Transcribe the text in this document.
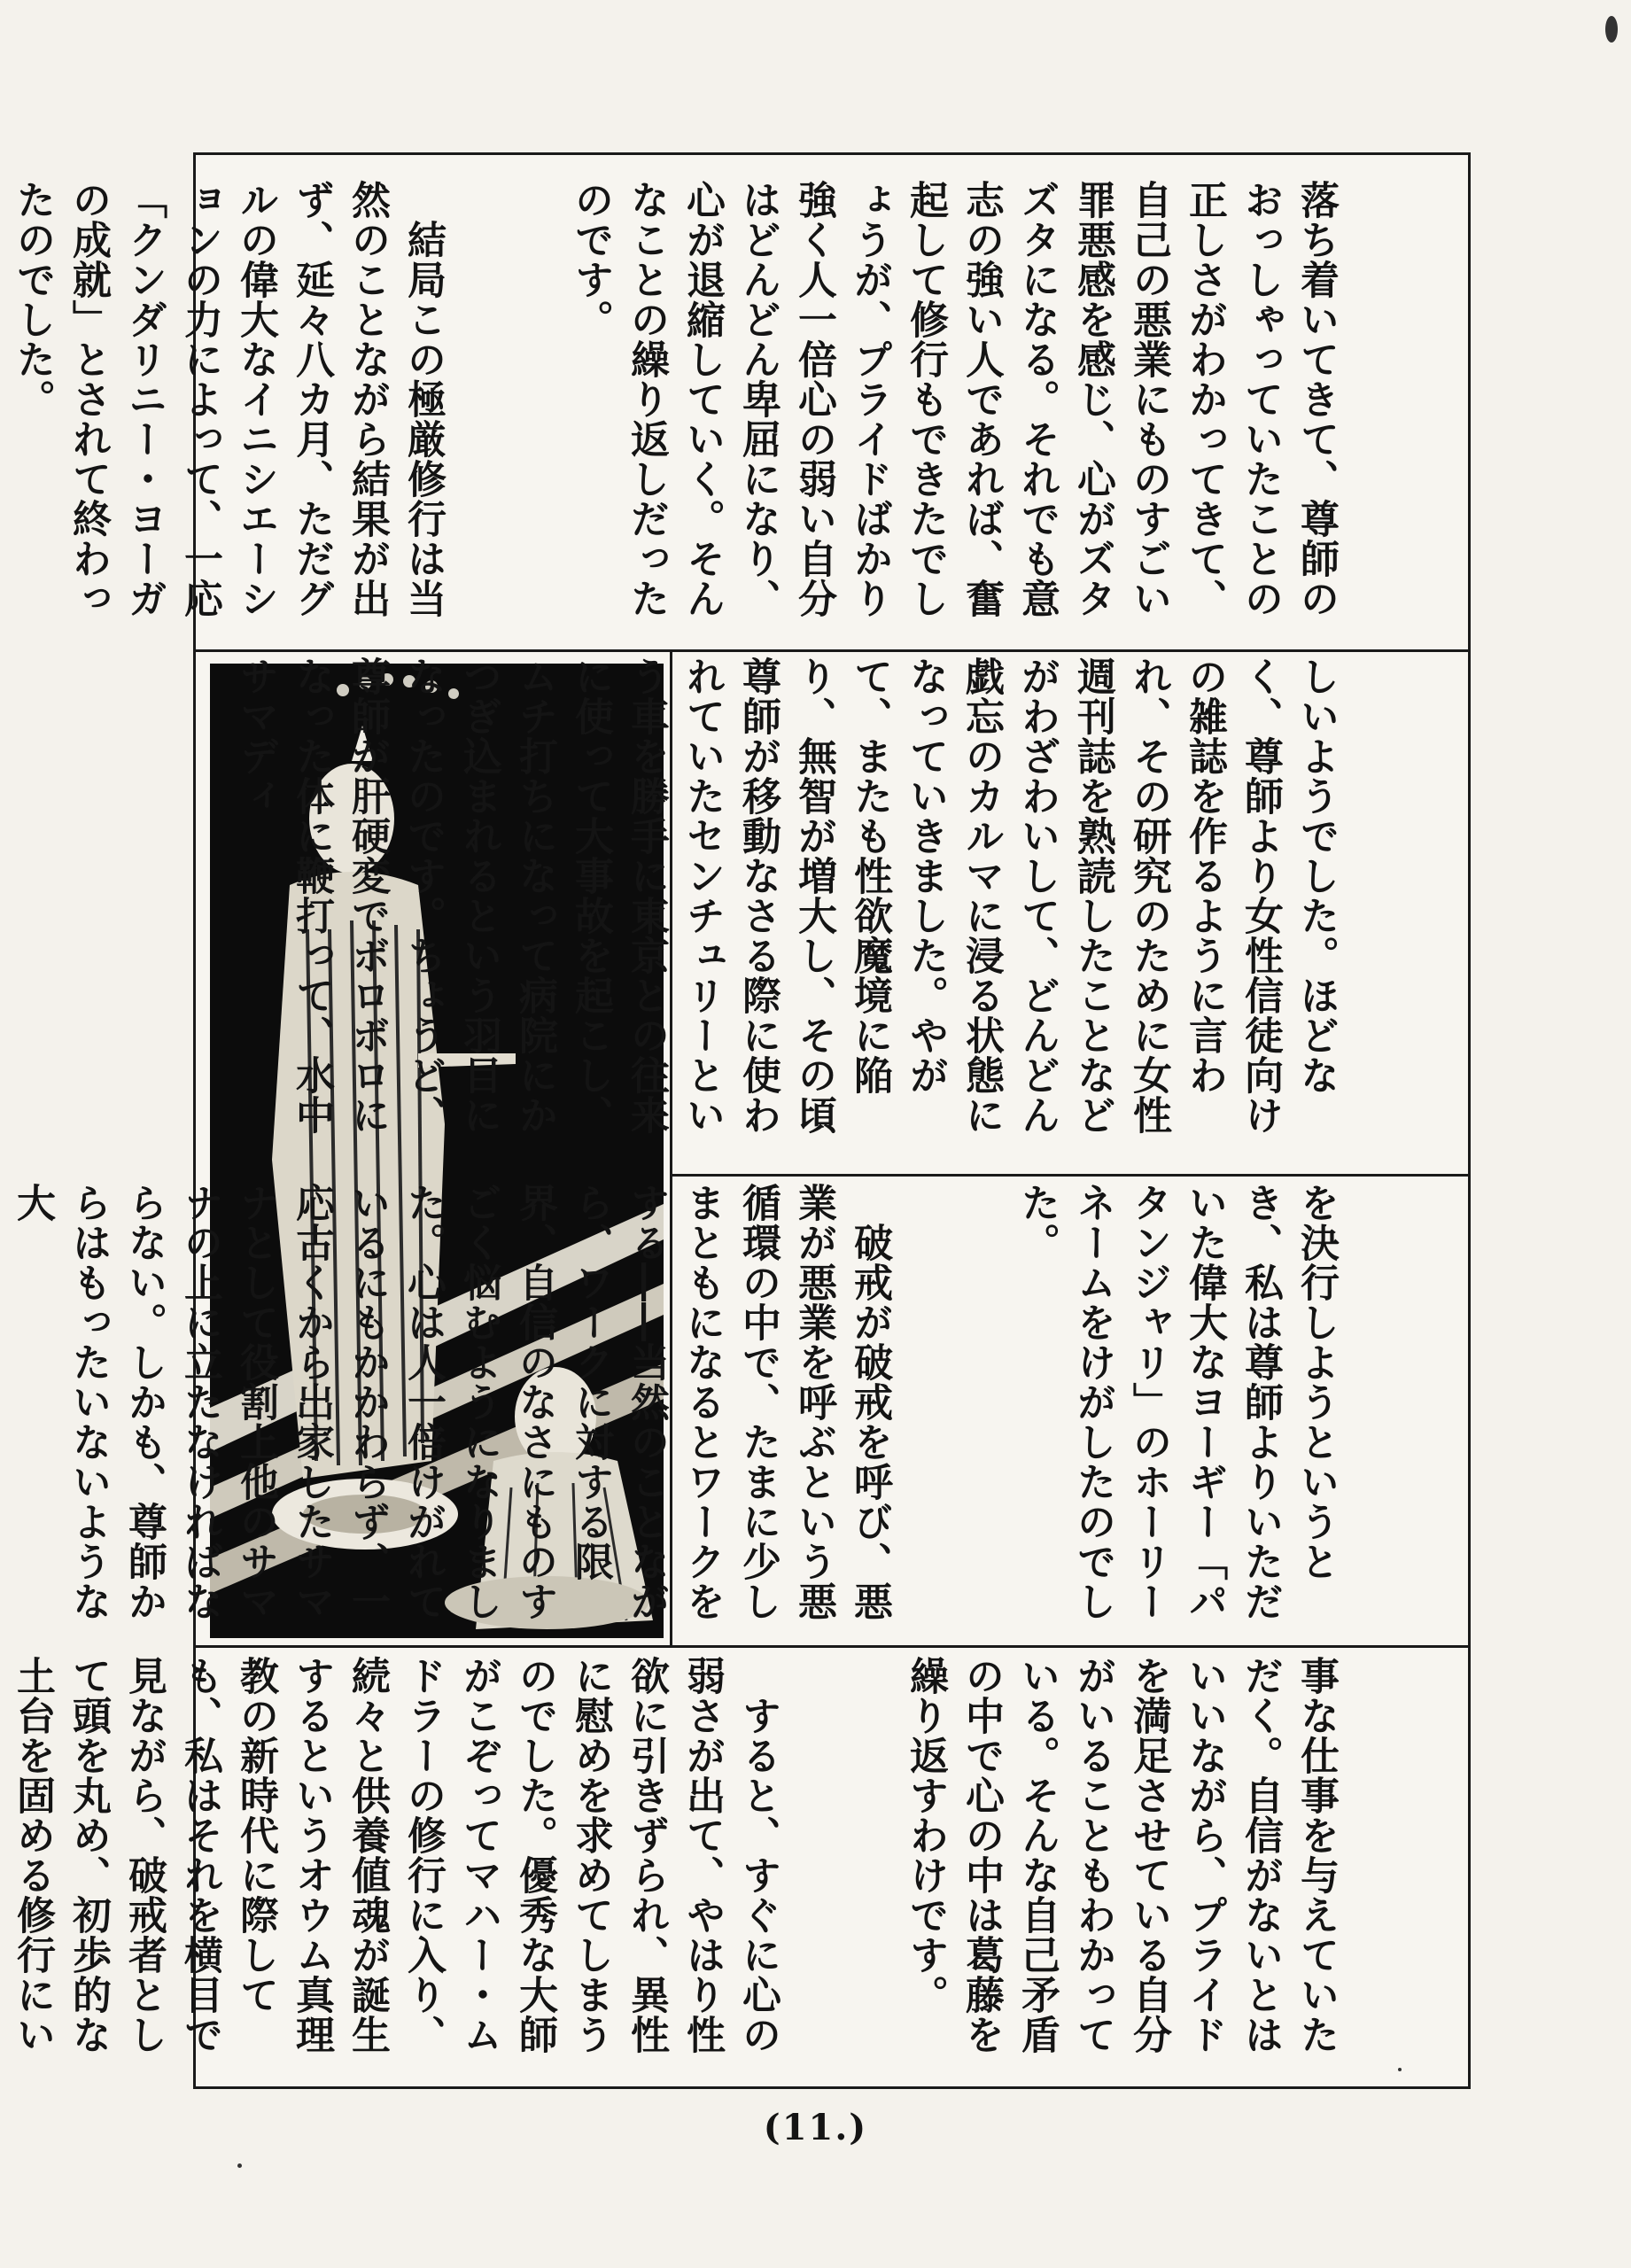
落ち着いてきて、尊師のおっしゃっていたことの正しさがわかってきて、自己の悪業にものすごい罪悪感を感じ、心がズタズタになる。それでも意志の強い人であれば、奮起して修行もできたでしょうが、プライドばかり強く人一倍心の弱い自分はどんどん卑屈になり、心が退縮していく。そんなことの繰り返しだったのです。

　結局この極厳修行は当然のことながら結果が出ず、延々八カ月、ただグルの偉大なイニシエーションの力によって、一応「クンダリニー・ヨーガの成就」とされて終わったのでした。

しいようでした。ほどなく、尊師より女性信徒向けの雑誌を作るように言われ、その研究のために女性週刊誌を熟読したことなどがわざわいして、どんどん戯忘のカルマに浸る状態になっていきました。やがて、またも性欲魔境に陥り、無智が増大し、その頃尊師が移動なさる際に使われていたセンチュリーという車を勝手に東京との往来に使って大事故を起こし、ムチ打ちになって病院にかつぎ込まれるという羽目になったのです。ちょうど、尊師が肝硬変でボロボロになった体に鞭打って、水中サマディ

を決行しようというとき、私は尊師よりいただいた偉大なヨーギー「パタンジャリ」のホーリーネームをけがしたのでした。

　破戒が破戒を呼び、悪業が悪業を呼ぶという悪循環の中で、たまに少しまともになるとワークをする――当然のことながら、ワークに対する限界、自信のなさにものすごく悩むようになりました。心は人一倍けがれているにもかかわらず、一応古くから出家したサマナとして役割上他のサマナの上に立たなければならない。しかも、尊師からはもったいないような大

事な仕事を与えていただく。自信がないとはいいながら、プライドを満足させている自分がいることもわかっている。そんな自己矛盾の中で心の中は葛藤を繰り返すわけです。

　すると、すぐに心の弱さが出て、やはり性欲に引きずられ、異性に慰めを求めてしまうのでした。優秀な大師がこぞってマハー・ムドラーの修行に入り、続々と供養値魂が誕生するというオウム真理教の新時代に際しても、私はそれを横目で見ながら、破戒者として頭を丸め、初歩的な土台を固める修行にい

(11.)
